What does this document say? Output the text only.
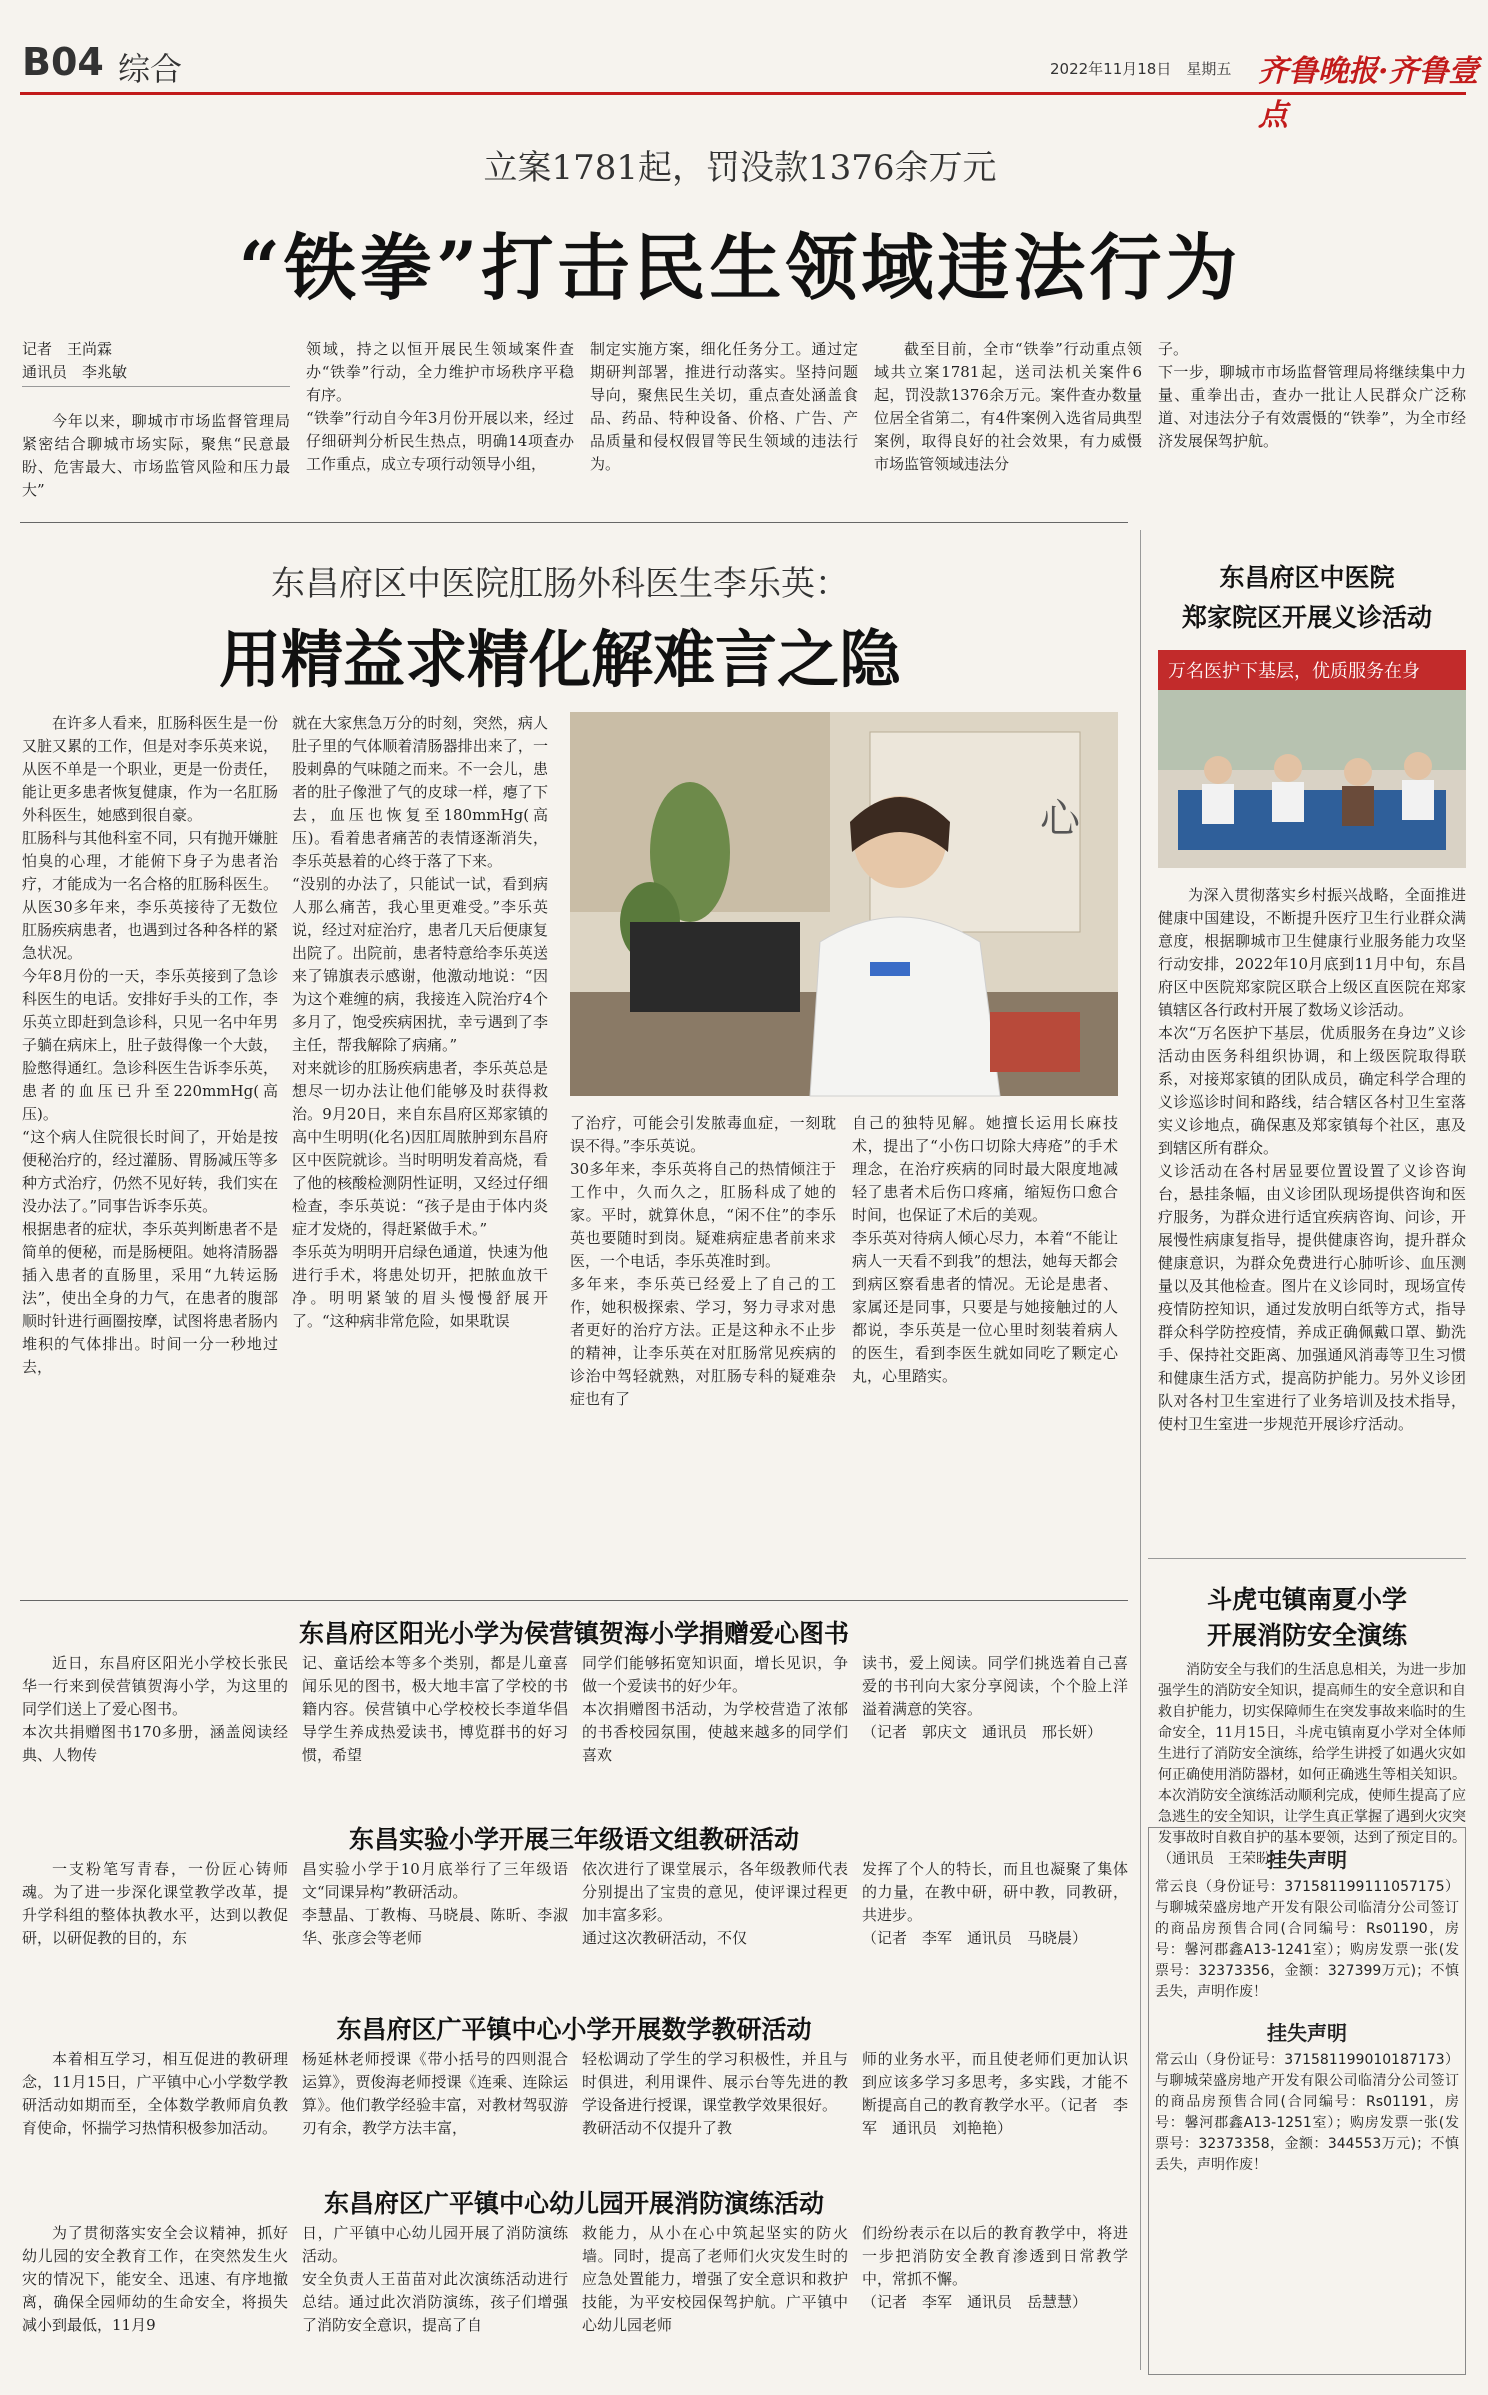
B04 综合	2022年11月18日　星期五 齐鲁晚报·齐鲁壹点
立案1781起，罚没款1376余万元
“铁拳”打击民生领域违法行为
记者　王尚霖
通讯员　李兆敏
今年以来，聊城市市场监督管理局紧密结合聊城市场实际，聚焦“民意最盼、危害最大、市场监管风险和压力最大”
领域，持之以恒开展民生领域案件查办“铁拳”行动，全力维护市场秩序平稳有序。
“铁拳”行动自今年3月份开展以来，经过仔细研判分析民生热点，明确14项查办工作重点，成立专项行动领导小组，
制定实施方案，细化任务分工。通过定期研判部署，推进行动落实。坚持问题导向，聚焦民生关切，重点查处涵盖食品、药品、特种设备、价格、广告、产品质量和侵权假冒等民生领域的违法行为。
截至目前，全市“铁拳”行动重点领域共立案1781起，送司法机关案件6起，罚没款1376余万元。案件查办数量位居全省第二，有4件案例入选省局典型案例，取得良好的社会效果，有力威慑市场监管领域违法分
子。
下一步，聊城市市场监督管理局将继续集中力量、重拳出击，查办一批让人民群众广泛称道、对违法分子有效震慑的“铁拳”，为全市经济发展保驾护航。
东昌府区中医院肛肠外科医生李乐英：
用精益求精化解难言之隐
在许多人看来，肛肠科医生是一份又脏又累的工作，但是对李乐英来说，从医不单是一个职业，更是一份责任，能让更多患者恢复健康，作为一名肛肠外科医生，她感到很自豪。
肛肠科与其他科室不同，只有抛开嫌脏怕臭的心理，才能俯下身子为患者治疗，才能成为一名合格的肛肠科医生。从医30多年来，李乐英接待了无数位肛肠疾病患者，也遇到过各种各样的紧急状况。
今年8月份的一天，李乐英接到了急诊科医生的电话。安排好手头的工作，李乐英立即赶到急诊科，只见一名中年男子躺在病床上，肚子鼓得像一个大鼓，脸憋得通红。急诊科医生告诉李乐英，患者的血压已升至220mmHg(高压)。
“这个病人住院很长时间了，开始是按便秘治疗的，经过灌肠、胃肠减压等多种方式治疗，仍然不见好转，我们实在没办法了。”同事告诉李乐英。
根据患者的症状，李乐英判断患者不是简单的便秘，而是肠梗阻。她将清肠器插入患者的直肠里，采用“九转运肠法”，使出全身的力气，在患者的腹部顺时针进行画圈按摩，试图将患者肠内堆积的气体排出。时间一分一秒地过去，
就在大家焦急万分的时刻，突然，病人肚子里的气体顺着清肠器排出来了，一股刺鼻的气味随之而来。不一会儿，患者的肚子像泄了气的皮球一样，瘪了下去，血压也恢复至180mmHg(高压)。看着患者痛苦的表情逐渐消失，李乐英悬着的心终于落了下来。
“没别的办法了，只能试一试，看到病人那么痛苦，我心里更难受。”李乐英说，经过对症治疗，患者几天后便康复出院了。出院前，患者特意给李乐英送来了锦旗表示感谢，他激动地说：“因为这个难缠的病，我接连入院治疗4个多月了，饱受疾病困扰，幸亏遇到了李主任，帮我解除了病痛。”
对来就诊的肛肠疾病患者，李乐英总是想尽一切办法让他们能够及时获得救治。9月20日，来自东昌府区郑家镇的高中生明明(化名)因肛周脓肿到东昌府区中医院就诊。当时明明发着高烧，看了他的核酸检测阴性证明，又经过仔细检查，李乐英说：“孩子是由于体内炎症才发烧的，得赶紧做手术。”
李乐英为明明开启绿色通道，快速为他进行手术，将患处切开，把脓血放干净。明明紧皱的眉头慢慢舒展开了。“这种病非常危险，如果耽误
心
了治疗，可能会引发脓毒血症，一刻耽误不得。”李乐英说。
30多年来，李乐英将自己的热情倾注于工作中，久而久之，肛肠科成了她的家。平时，就算休息，“闲不住”的李乐英也要随时到岗。疑难病症患者前来求医，一个电话，李乐英准时到。
多年来，李乐英已经爱上了自己的工作，她积极探索、学习，努力寻求对患者更好的治疗方法。正是这种永不止步的精神，让李乐英在对肛肠常见疾病的诊治中驾轻就熟，对肛肠专科的疑难杂症也有了
自己的独特见解。她擅长运用长麻技术，提出了“小伤口切除大痔疮”的手术理念，在治疗疾病的同时最大限度地减轻了患者术后伤口疼痛，缩短伤口愈合时间，也保证了术后的美观。
李乐英对待病人倾心尽力，本着“不能让病人一天看不到我”的想法，她每天都会到病区察看患者的情况。无论是患者、家属还是同事，只要是与她接触过的人都说，李乐英是一位心里时刻装着病人的医生，看到李医生就如同吃了颗定心丸，心里踏实。
东昌府区中医院
郑家院区开展义诊活动
万名医护下基层，优质服务在身
为深入贯彻落实乡村振兴战略，全面推进健康中国建设，不断提升医疗卫生行业群众满意度，根据聊城市卫生健康行业服务能力攻坚行动安排，2022年10月底到11月中旬，东昌府区中医院郑家院区联合上级区直医院在郑家镇辖区各行政村开展了数场义诊活动。
本次“万名医护下基层，优质服务在身边”义诊活动由医务科组织协调，和上级医院取得联系，对接郑家镇的团队成员，确定科学合理的义诊巡诊时间和路线，结合辖区各村卫生室落实义诊地点，确保惠及郑家镇每个社区，惠及到辖区所有群众。
义诊活动在各村居显要位置设置了义诊咨询台，悬挂条幅，由义诊团队现场提供咨询和医疗服务，为群众进行适宜疾病咨询、问诊，开展慢性病康复指导，提供健康咨询，提升群众健康意识，为群众免费进行心肺听诊、血压测量以及其他检查。图片在义诊同时，现场宣传疫情防控知识，通过发放明白纸等方式，指导群众科学防控疫情，养成正确佩戴口罩、勤洗手、保持社交距离、加强通风消毒等卫生习惯和健康生活方式，提高防护能力。另外义诊团队对各村卫生室进行了业务培训及技术指导，使村卫生室进一步规范开展诊疗活动。
斗虎屯镇南夏小学
开展消防安全演练
消防安全与我们的生活息息相关，为进一步加强学生的消防安全知识，提高师生的安全意识和自救自护能力，切实保障师生在突发事故来临时的生命安全，11月15日，斗虎屯镇南夏小学对全体师生进行了消防安全演练，给学生讲授了如遇火灾如何正确使用消防器材，如何正确逃生等相关知识。
本次消防安全演练活动顺利完成，使师生提高了应急逃生的安全知识，让学生真正掌握了遇到火灾突发事故时自救自护的基本要领，达到了预定目的。（通讯员　王荣盼）
挂失声明
常云良（身份证号：371581199111057175）与聊城荣盛房地产开发有限公司临清分公司签订的商品房预售合同(合同编号：Rs01190，房号：馨河郡鑫A13-1241室）；购房发票一张(发票号：32373356，金额：327399万元)；不慎丢失，声明作废！
挂失声明
常云山（身份证号：371581199010187173）与聊城荣盛房地产开发有限公司临清分公司签订的商品房预售合同(合同编号：Rs01191，房号：馨河郡鑫A13-1251室）；购房发票一张(发票号：32373358，金额：344553万元)；不慎丢失，声明作废！
东昌府区阳光小学为侯营镇贺海小学捐赠爱心图书
近日，东昌府区阳光小学校长张民华一行来到侯营镇贺海小学，为这里的同学们送上了爱心图书。
本次共捐赠图书170多册，涵盖阅读经典、人物传
记、童话绘本等多个类别，都是儿童喜闻乐见的图书，极大地丰富了学校的书籍内容。侯营镇中心学校校长李道华倡导学生养成热爱读书，博览群书的好习惯，希望
同学们能够拓宽知识面，增长见识，争做一个爱读书的好少年。
本次捐赠图书活动，为学校营造了浓郁的书香校园氛围，使越来越多的同学们喜欢
读书，爱上阅读。同学们挑选着自己喜爱的书刊向大家分享阅读，个个脸上洋溢着满意的笑容。
（记者　郭庆文　通讯员　邢长妍）
东昌实验小学开展三年级语文组教研活动
一支粉笔写青春，一份匠心铸师魂。为了进一步深化课堂教学改革，提升学科组的整体执教水平，达到以教促研，以研促教的目的，东
昌实验小学于10月底举行了三年级语文“同课异构”教研活动。
李慧晶、丁教梅、马晓晨、陈昕、李淑华、张彦会等老师
依次进行了课堂展示，各年级教师代表分别提出了宝贵的意见，使评课过程更加丰富多彩。
通过这次教研活动，不仅
发挥了个人的特长，而且也凝聚了集体的力量，在教中研，研中教，同教研，共进步。
（记者　李军　通讯员　马晓晨）
东昌府区广平镇中心小学开展数学教研活动
本着相互学习，相互促进的教研理念，11月15日，广平镇中心小学数学教研活动如期而至，全体数学教师肩负教育使命，怀揣学习热情积极参加活动。
杨延林老师授课《带小括号的四则混合运算》，贾俊海老师授课《连乘、连除运算》。他们教学经验丰富，对教材驾驭游刃有余，教学方法丰富，
轻松调动了学生的学习积极性，并且与时俱进，利用课件、展示台等先进的教学设备进行授课，课堂教学效果很好。
教研活动不仅提升了教
师的业务水平，而且使老师们更加认识到应该多学习多思考，多实践，才能不断提高自己的教育教学水平。（记者　李军　通讯员　刘艳艳）
东昌府区广平镇中心幼儿园开展消防演练活动
为了贯彻落实安全会议精神，抓好幼儿园的安全教育工作，在突然发生火灾的情况下，能安全、迅速、有序地撤离，确保全园师幼的生命安全，将损失减小到最低，11月9
日，广平镇中心幼儿园开展了消防演练活动。
安全负责人王苗苗对此次演练活动进行总结。通过此次消防演练，孩子们增强了消防安全意识，提高了自
救能力，从小在心中筑起坚实的防火墙。同时，提高了老师们火灾发生时的应急处置能力，增强了安全意识和救护技能，为平安校园保驾护航。广平镇中心幼儿园老师
们纷纷表示在以后的教育教学中，将进一步把消防安全教育渗透到日常教学中，常抓不懈。
（记者　李军　通讯员　岳慧慧）
